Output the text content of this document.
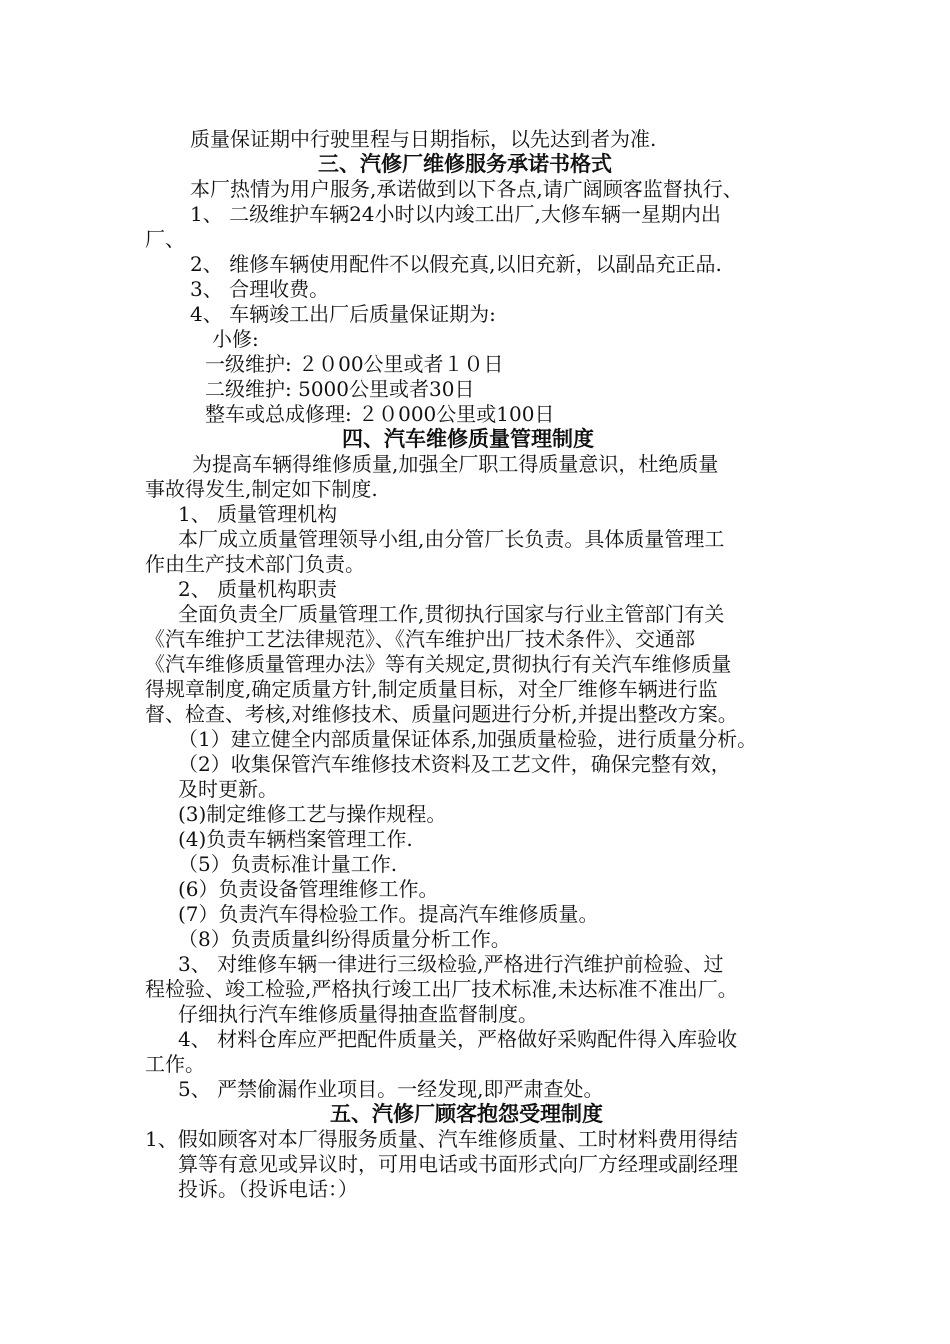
质量保证期中行驶里程与日期指标，以先达到者为准.
三、汽修厂维修服务承诺书格式
本厂热情为用户服务,承诺做到以下各点,请广阔顾客监督执行、
1、 二级维护车辆24小时以内竣工出厂,大修车辆一星期内出
厂、
2、 维修车辆使用配件不以假充真,以旧充新，以副品充正品.
3、 合理收费。
4、 车辆竣工出厂后质量保证期为:
小修:
一级维护: ２０00公里或者１０日
二级维护: 5000公里或者30日
整车或总成修理: ２０000公里或100日
四、汽车维修质量管理制度
为提高车辆得维修质量,加强全厂职工得质量意识，杜绝质量
事故得发生,制定如下制度.
1、 质量管理机构
本厂成立质量管理领导小组,由分管厂长负责。具体质量管理工
作由生产技术部门负责。
2、 质量机构职责
全面负责全厂质量管理工作,贯彻执行国家与行业主管部门有关
《汽车维护工艺法律规范》、《汽车维护出厂技术条件》、交通部
《汽车维修质量管理办法》等有关规定,贯彻执行有关汽车维修质量
得规章制度,确定质量方针,制定质量目标，对全厂维修车辆进行监
督、检查、考核,对维修技术、质量问题进行分析,并提出整改方案。
（1）建立健全内部质量保证体系,加强质量检验，进行质量分析。
（2）收集保管汽车维修技术资料及工艺文件，确保完整有效，
及时更新。
(3)制定维修工艺与操作规程。
(4)负责车辆档案管理工作.
（5）负责标准计量工作.
(6）负责设备管理维修工作。
(7）负责汽车得检验工作。提高汽车维修质量。
（8）负责质量纠纷得质量分析工作。
3、 对维修车辆一律进行三级检验,严格进行汽维护前检验、过
程检验、竣工检验,严格执行竣工出厂技术标准,未达标准不准出厂。
仔细执行汽车维修质量得抽查监督制度。
4、 材料仓库应严把配件质量关，严格做好采购配件得入库验收
工作。
5、 严禁偷漏作业项目。一经发现,即严肃查处。
五、汽修厂顾客抱怨受理制度
1、假如顾客对本厂得服务质量、汽车维修质量、工时材料费用得结
算等有意见或异议时，可用电话或书面形式向厂方经理或副经理
投诉。（投诉电话：）
